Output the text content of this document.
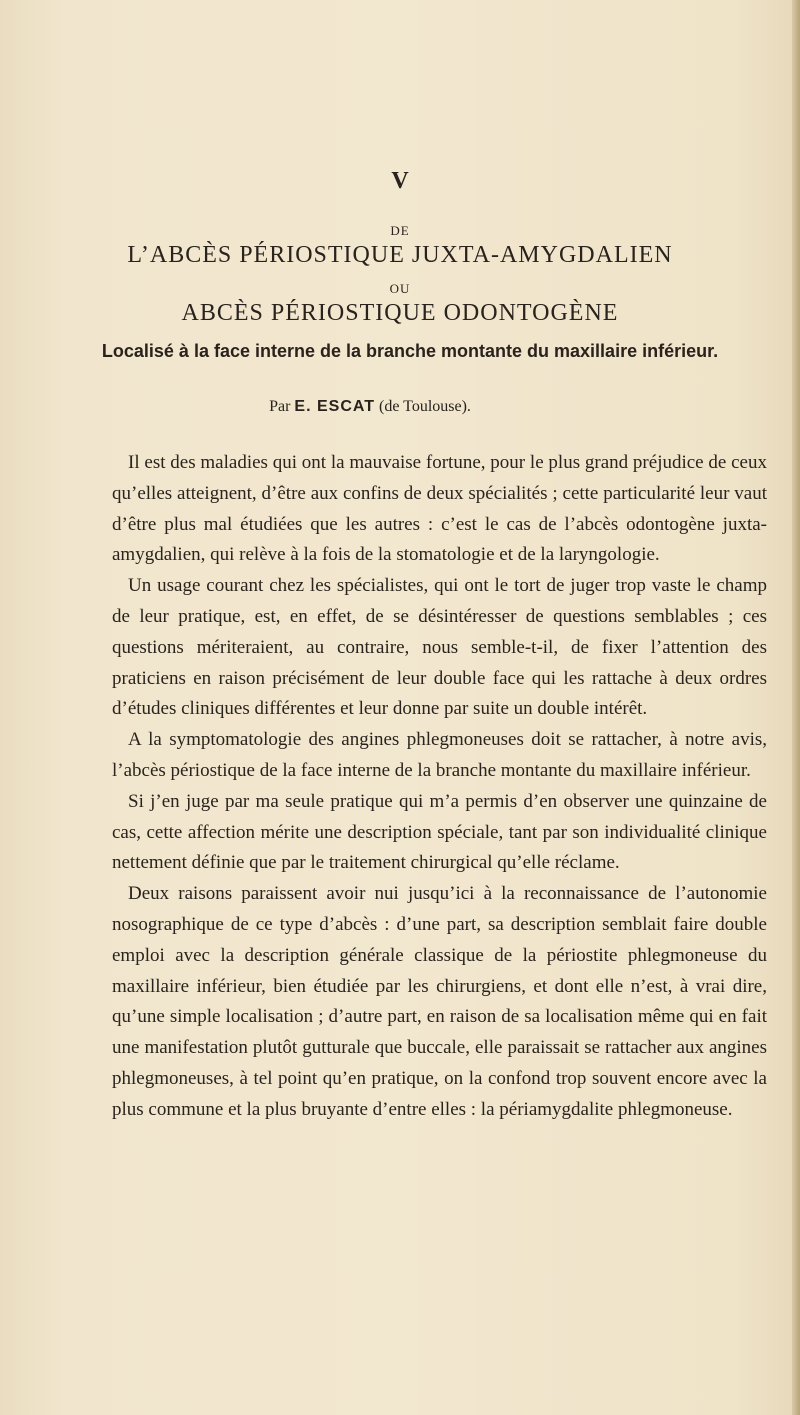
V
DE
L’ABCÈS PÉRIOSTIQUE JUXTA-AMYGDALIEN
OU
ABCÈS PÉRIOSTIQUE ODONTOGÈNE

Localisé à la face interne de la branche montante du maxillaire inférieur.

Par E. ESCAT (de Toulouse).

Il est des maladies qui ont la mauvaise fortune, pour le plus grand préjudice de ceux qu’elles atteignent, d’être aux confins de deux spécialités ; cette particularité leur vaut d’être plus mal étudiées que les autres : c’est le cas de l’abcès odontogène juxta-amygdalien, qui relève à la fois de la stomatologie et de la laryngologie.

Un usage courant chez les spécialistes, qui ont le tort de juger trop vaste le champ de leur pratique, est, en effet, de se désintéresser de questions semblables ; ces questions mériteraient, au contraire, nous semble-t-il, de fixer l’attention des praticiens en raison précisément de leur double face qui les rattache à deux ordres d’études cliniques différentes et leur donne par suite un double intérêt.

A la symptomatologie des angines phlegmoneuses doit se rattacher, à notre avis, l’abcès périostique de la face interne de la branche montante du maxillaire inférieur.

Si j’en juge par ma seule pratique qui m’a permis d’en observer une quinzaine de cas, cette affection mérite une description spéciale, tant par son individualité clinique nettement définie que par le traitement chirurgical qu’elle réclame.

Deux raisons paraissent avoir nui jusqu’ici à la reconnaissance de l’autonomie nosographique de ce type d’abcès : d’une part, sa description semblait faire double emploi avec la description générale classique de la périostite phlegmoneuse du maxillaire inférieur, bien étudiée par les chirurgiens, et dont elle n’est, à vrai dire, qu’une simple localisation ; d’autre part, en raison de sa localisation même qui en fait une manifestation plutôt gutturale que buccale, elle paraissait se rattacher aux angines phlegmoneuses, à tel point qu’en pratique, on la confond trop souvent encore avec la plus commune et la plus bruyante d’entre elles : la périamygdalite phlegmoneuse.
